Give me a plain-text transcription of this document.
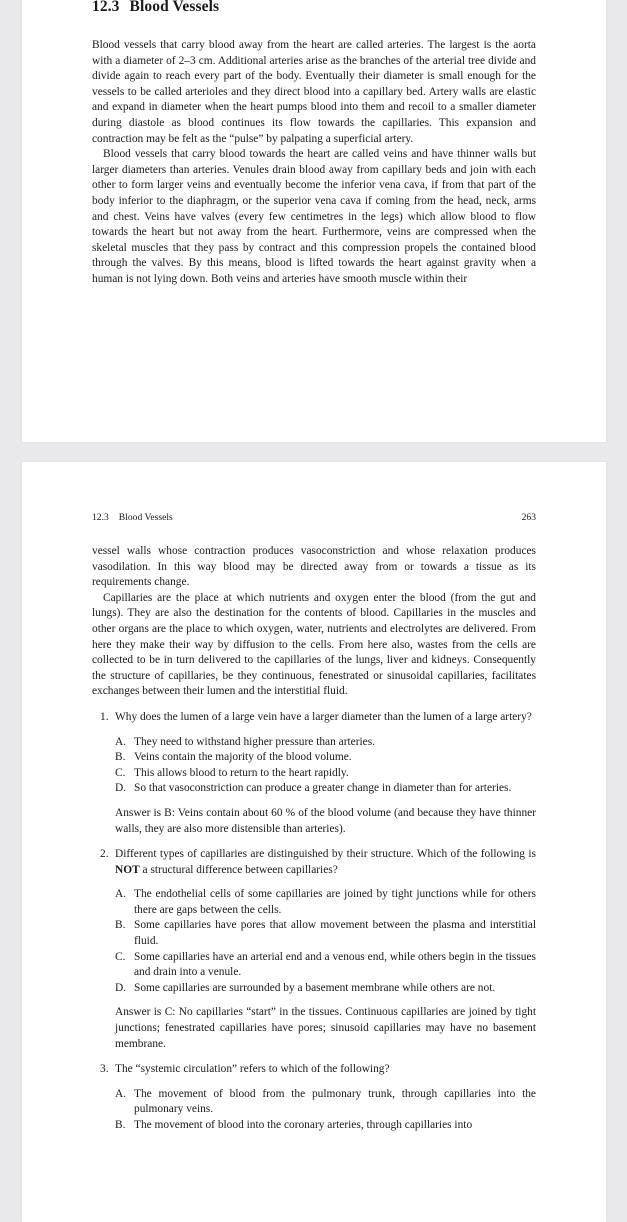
12.3 Blood Vessels

Blood vessels that carry blood away from the heart are called arteries. The largest is the aorta with a diameter of 2–3 cm. Additional arteries arise as the branches of the arterial tree divide and divide again to reach every part of the body. Eventually their diameter is small enough for the vessels to be called arterioles and they direct blood into a capillary bed. Artery walls are elastic and expand in diameter when the heart pumps blood into them and recoil to a smaller diameter during diastole as blood continues its flow towards the capillaries. This expansion and contraction may be felt as the “pulse” by palpating a superficial artery.

Blood vessels that carry blood towards the heart are called veins and have thinner walls but larger diameters than arteries. Venules drain blood away from capillary beds and join with each other to form larger veins and eventually become the inferior vena cava, if from that part of the body inferior to the diaphragm, or the superior vena cava if coming from the head, neck, arms and chest. Veins have valves (every few centimetres in the legs) which allow blood to flow towards the heart but not away from the heart. Furthermore, veins are compressed when the skeletal muscles that they pass by contract and this compression propels the contained blood through the valves. By this means, blood is lifted towards the heart against gravity when a human is not lying down. Both veins and arteries have smooth muscle within their

12.3 Blood Vessels	263

vessel walls whose contraction produces vasoconstriction and whose relaxation produces vasodilation. In this way blood may be directed away from or towards a tissue as its requirements change.

Capillaries are the place at which nutrients and oxygen enter the blood (from the gut and lungs). They are also the destination for the contents of blood. Capillaries in the muscles and other organs are the place to which oxygen, water, nutrients and electrolytes are delivered. From here they make their way by diffusion to the cells. From here also, wastes from the cells are collected to be in turn delivered to the capillaries of the lungs, liver and kidneys. Consequently the structure of capillaries, be they continuous, fenestrated or sinusoidal capillaries, facilitates exchanges between their lumen and the interstitial fluid.

1. Why does the lumen of a large vein have a larger diameter than the lumen of a large artery?
A. They need to withstand higher pressure than arteries.
B. Veins contain the majority of the blood volume.
C. This allows blood to return to the heart rapidly.
D. So that vasoconstriction can produce a greater change in diameter than for arteries.
Answer is B: Veins contain about 60 % of the blood volume (and because they have thinner walls, they are also more distensible than arteries).
2. Different types of capillaries are distinguished by their structure. Which of the following is NOT a structural difference between capillaries?
A. The endothelial cells of some capillaries are joined by tight junctions while for others there are gaps between the cells.
B. Some capillaries have pores that allow movement between the plasma and interstitial fluid.
C. Some capillaries have an arterial end and a venous end, while others begin in the tissues and drain into a venule.
D. Some capillaries are surrounded by a basement membrane while others are not.
Answer is C: No capillaries “start” in the tissues. Continuous capillaries are joined by tight junctions; fenestrated capillaries have pores; sinusoid capillaries may have no basement membrane.
3. The “systemic circulation” refers to which of the following?
A. The movement of blood from the pulmonary trunk, through capillaries into the pulmonary veins.
B. The movement of blood into the coronary arteries, through capillaries into
